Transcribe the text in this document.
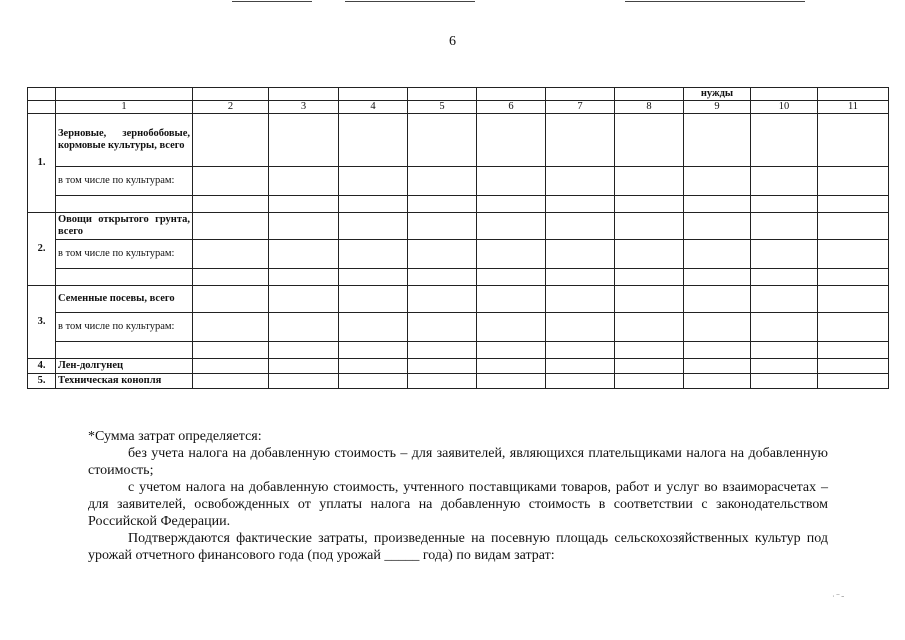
6
									нужды		
	1	2	3	4	5	6	7	8	9	10	11
1.	Зерновые, зернобобовые, кормовые культуры, всего										
	в том числе по культурам:										

2.	Овощи открытого грунта, всего										
	в том числе по культурам:										

3.	Семенные посевы, всего										
	в том числе по культурам:										

4.	Лен-долгунец										
5.	Техническая конопля										

*Сумма затрат определяется:

без учета налога на добавленную стоимость – для заявителей, являющихся плательщиками налога на добавленную стоимость;

с учетом налога на добавленную стоимость, учтенного поставщиками товаров, работ и услуг во взаиморасчетах – для заявителей, освобожденных от уплаты налога на добавленную стоимость в соответствии с законодательством Российской Федерации.

Подтверждаются фактические затраты, произведенные на посевную площадь сельскохозяйственных культур под урожай отчетного финансового года (под урожай _____ года) по видам затрат:

˙ ‾ ˉ
